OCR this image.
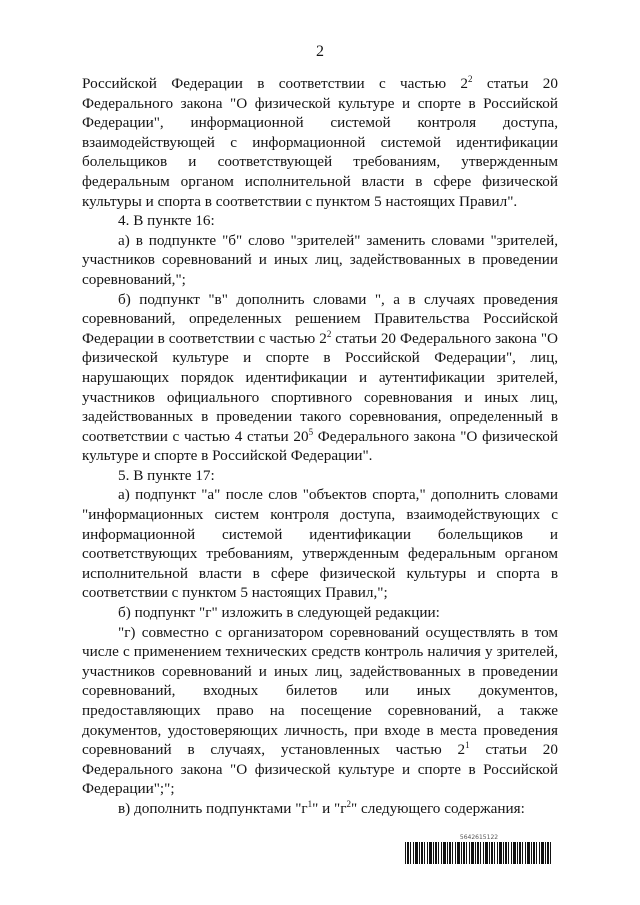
2

Российской Федерации в соответствии с частью $2^2$ статьи 20 Федерального закона "О физической культуре и спорте в Российской Федерации", информационной системой контроля доступа, взаимодействующей с информационной системой идентификации болельщиков и соответствующей требованиям, утвержденным федеральным органом исполнительной власти в сфере физической культуры и спорта в соответствии с пунктом 5 настоящих Правил".

4. В пункте 16:

а) в подпункте "б" слово "зрителей" заменить словами "зрителей, участников соревнований и иных лиц, задействованных в проведении соревнований,";

б) подпункт "в" дополнить словами ", а в случаях проведения соревнований, определенных решением Правительства Российской Федерации в соответствии с частью $2^2$ статьи 20 Федерального закона "О физической культуре и спорте в Российской Федерации", лиц, нарушающих порядок идентификации и аутентификации зрителей, участников официального спортивного соревнования и иных лиц, задействованных в проведении такого соревнования, определенный в соответствии с частью 4 статьи $20^5$ Федерального закона "О физической культуре и спорте в Российской Федерации".

5. В пункте 17:

а) подпункт "а" после слов "объектов спорта," дополнить словами "информационных систем контроля доступа, взаимодействующих с информационной системой идентификации болельщиков и соответствующих требованиям, утвержденным федеральным органом исполнительной власти в сфере физической культуры и спорта в соответствии с пунктом 5 настоящих Правил,";

б) подпункт "г" изложить в следующей редакции:

"г) совместно с организатором соревнований осуществлять в том числе с применением технических средств контроль наличия у зрителей, участников соревнований и иных лиц, задействованных в проведении соревнований, входных билетов или иных документов, предоставляющих право на посещение соревнований, а также документов, удостоверяющих личность, при входе в места проведения соревнований в случаях, установленных частью $2^1$ статьи 20 Федерального закона "О физической культуре и спорте в Российской Федерации";";

в) дополнить подпунктами "$г^1$" и "$г^2$" следующего содержания:

5642615122
